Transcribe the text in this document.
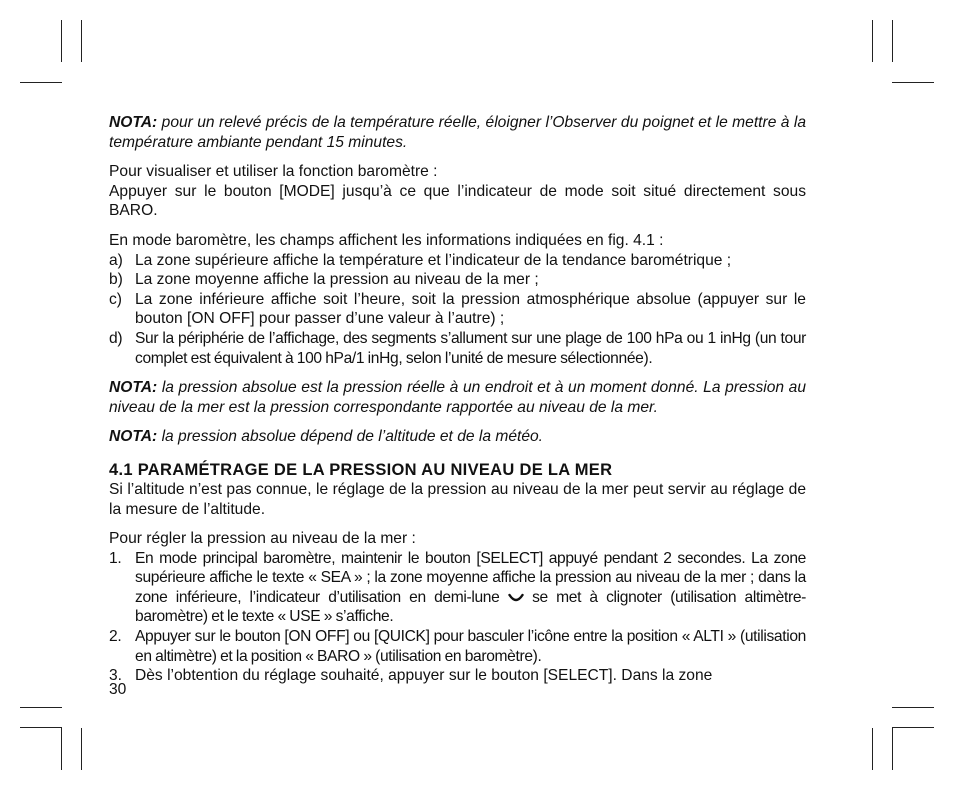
NOTA: pour un relevé précis de la température réelle, éloigner l’Observer du poignet et le mettre à la température ambiante pendant 15 minutes.

Pour visualiser et utiliser la fonction baromètre :

Appuyer sur le bouton [MODE] jusqu’à ce que l’indicateur de mode soit situé directement sous BARO.

En mode baromètre, les champs affichent les informations indiquées en fig. 4.1 :

a) La zone supérieure affiche la température et l’indicateur de la tendance barométrique ;
b) La zone moyenne affiche la pression au niveau de la mer ;
c) La zone inférieure affiche soit l’heure, soit la pression atmosphérique absolue (appuyer sur le bouton [ON OFF] pour passer d’une valeur à l’autre) ;
d) Sur la périphérie de l’affichage, des segments s’allument sur une plage de 100 hPa ou 1 inHg (un tour complet est équivalent à 100 hPa/1 inHg, selon l’unité de mesure sélectionnée).

NOTA: la pression absolue est la pression réelle à un endroit et à un moment donné. La pression au niveau de la mer est la pression correspondante rapportée au niveau de la mer.

NOTA: la pression absolue dépend de l’altitude et de la météo.

4.1 PARAMÉTRAGE DE LA PRESSION AU NIVEAU DE LA MER

Si l’altitude n’est pas connue, le réglage de la pression au niveau de la mer peut servir au réglage de la mesure de l’altitude.

Pour régler la pression au niveau de la mer :

1. En mode principal baromètre, maintenir le bouton [SELECT] appuyé pendant 2 secondes. La zone supérieure affiche le texte « SEA » ; la zone moyenne affiche la pression au niveau de la mer ; dans la zone inférieure, l’indicateur d’utilisation en demi-lune se met à clignoter (utilisation altimètre-baromètre) et le texte « USE » s’affiche.
2. Appuyer sur le bouton [ON OFF] ou [QUICK] pour basculer l’icône entre la position « ALTI » (utilisation en altimètre) et la position « BARO » (utilisation en baromètre).
3. Dès l’obtention du réglage souhaité, appuyer sur le bouton [SELECT]. Dans la zone
30
